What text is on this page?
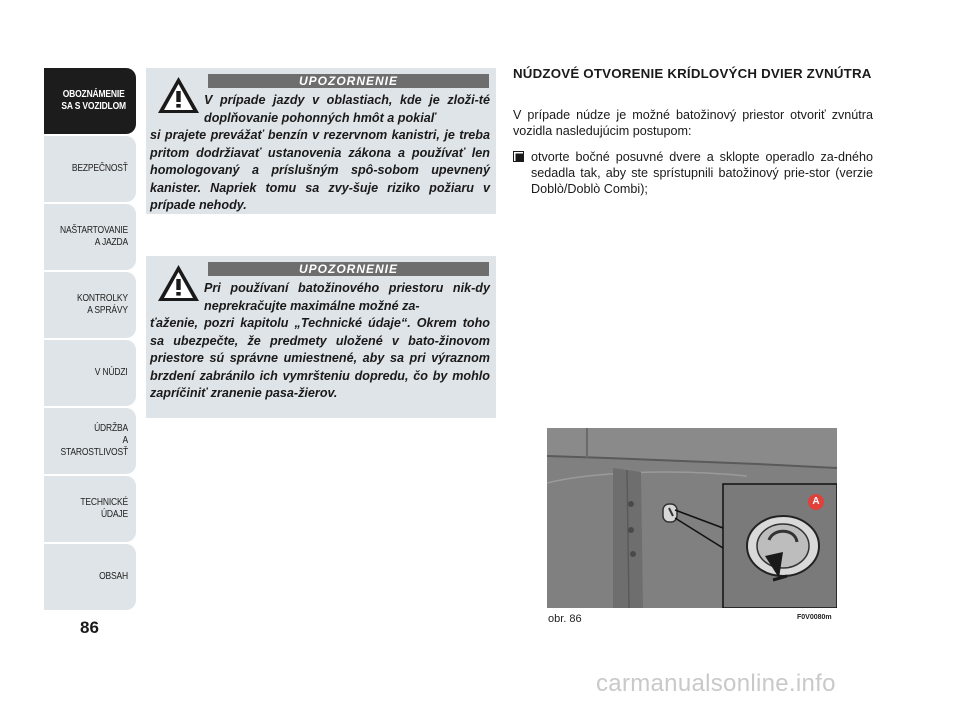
OBOZNÁMENIE
SA S VOZIDLOM
BEZPEČNOSŤ
NAŠTARTOVANIE
A JAZDA
KONTROLKY
A SPRÁVY
V NÚDZI
ÚDRŽBA
A STAROSTLIVOSŤ
TECHNICKÉ
ÚDAJE
OBSAH
86
UPOZORNENIE
V prípade jazdy v oblastiach, kde je zloži-té doplňovanie pohonných hmôt a pokiaľ
si prajete prevážať benzín v rezervnom kanistri, je treba pritom dodržiavať ustanovenia zákona a používať len homologovaný a príslušným spô-sobom upevnený kanister. Napriek tomu sa zvy-šuje riziko požiaru v prípade nehody.
UPOZORNENIE
Pri používaní batožinového priestoru nik-dy neprekračujte maximálne možné za-
ťaženie, pozri kapitolu „Technické údaje“. Okrem toho sa ubezpečte, že predmety uložené v bato-žinovom priestore sú správne umiestnené, aby sa pri výraznom brzdení zabránilo ich vymršteniu dopredu, čo by mohlo zapríčiniť zranenie pasa-žierov.
NÚDZOVÉ OTVORENIE KRÍDLOVÝCH DVIER ZVNÚTRA
V prípade núdze je možné batožinový priestor otvoriť zvnútra vozidla nasledujúcim postupom:
otvorte bočné posuvné dvere a sklopte operadlo za-dného sedadla tak, aby ste sprístupnili batožinový prie-stor (verzie Doblò/Doblò Combi);
A
obr. 86	F0V0080m
carmanualsonline.info
